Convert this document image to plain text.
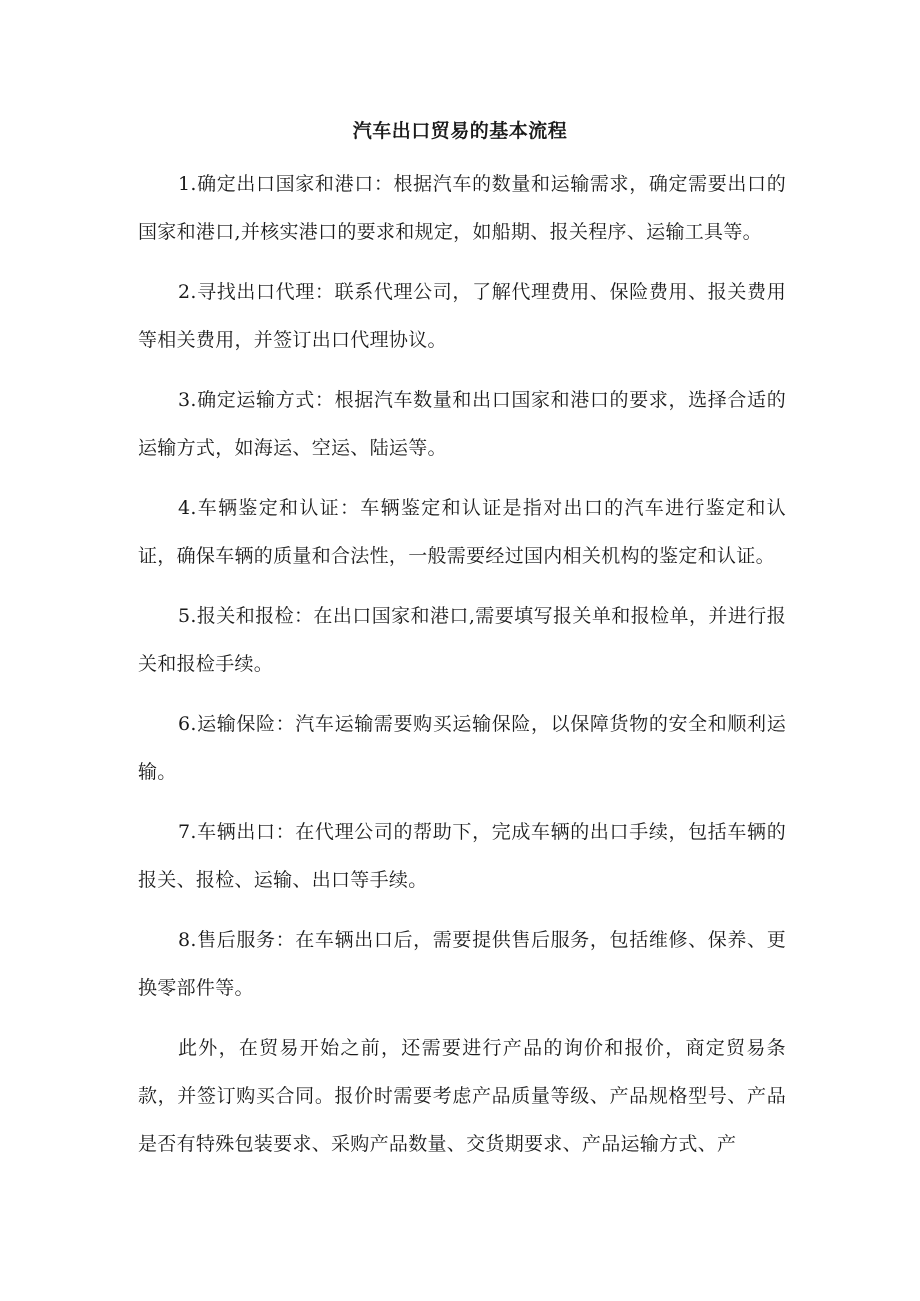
汽车出口贸易的基本流程

1.确定出口国家和港口：根据汽车的数量和运输需求，确定需要出口的国家和港口,并核实港口的要求和规定，如船期、报关程序、运输工具等。

2.寻找出口代理：联系代理公司，了解代理费用、保险费用、报关费用等相关费用，并签订出口代理协议。

3.确定运输方式：根据汽车数量和出口国家和港口的要求，选择合适的运输方式，如海运、空运、陆运等。

4.车辆鉴定和认证：车辆鉴定和认证是指对出口的汽车进行鉴定和认证，确保车辆的质量和合法性，一般需要经过国内相关机构的鉴定和认证。

5.报关和报检：在出口国家和港口,需要填写报关单和报检单，并进行报关和报检手续。

6.运输保险：汽车运输需要购买运输保险，以保障货物的安全和顺利运输。

7.车辆出口：在代理公司的帮助下，完成车辆的出口手续，包括车辆的报关、报检、运输、出口等手续。

8.售后服务：在车辆出口后，需要提供售后服务，包括维修、保养、更换零部件等。

此外，在贸易开始之前，还需要进行产品的询价和报价，商定贸易条款，并签订购买合同。报价时需要考虑产品质量等级、产品规格型号、产品是否有特殊包装要求、采购产品数量、交货期要求、产品运输方式、产
